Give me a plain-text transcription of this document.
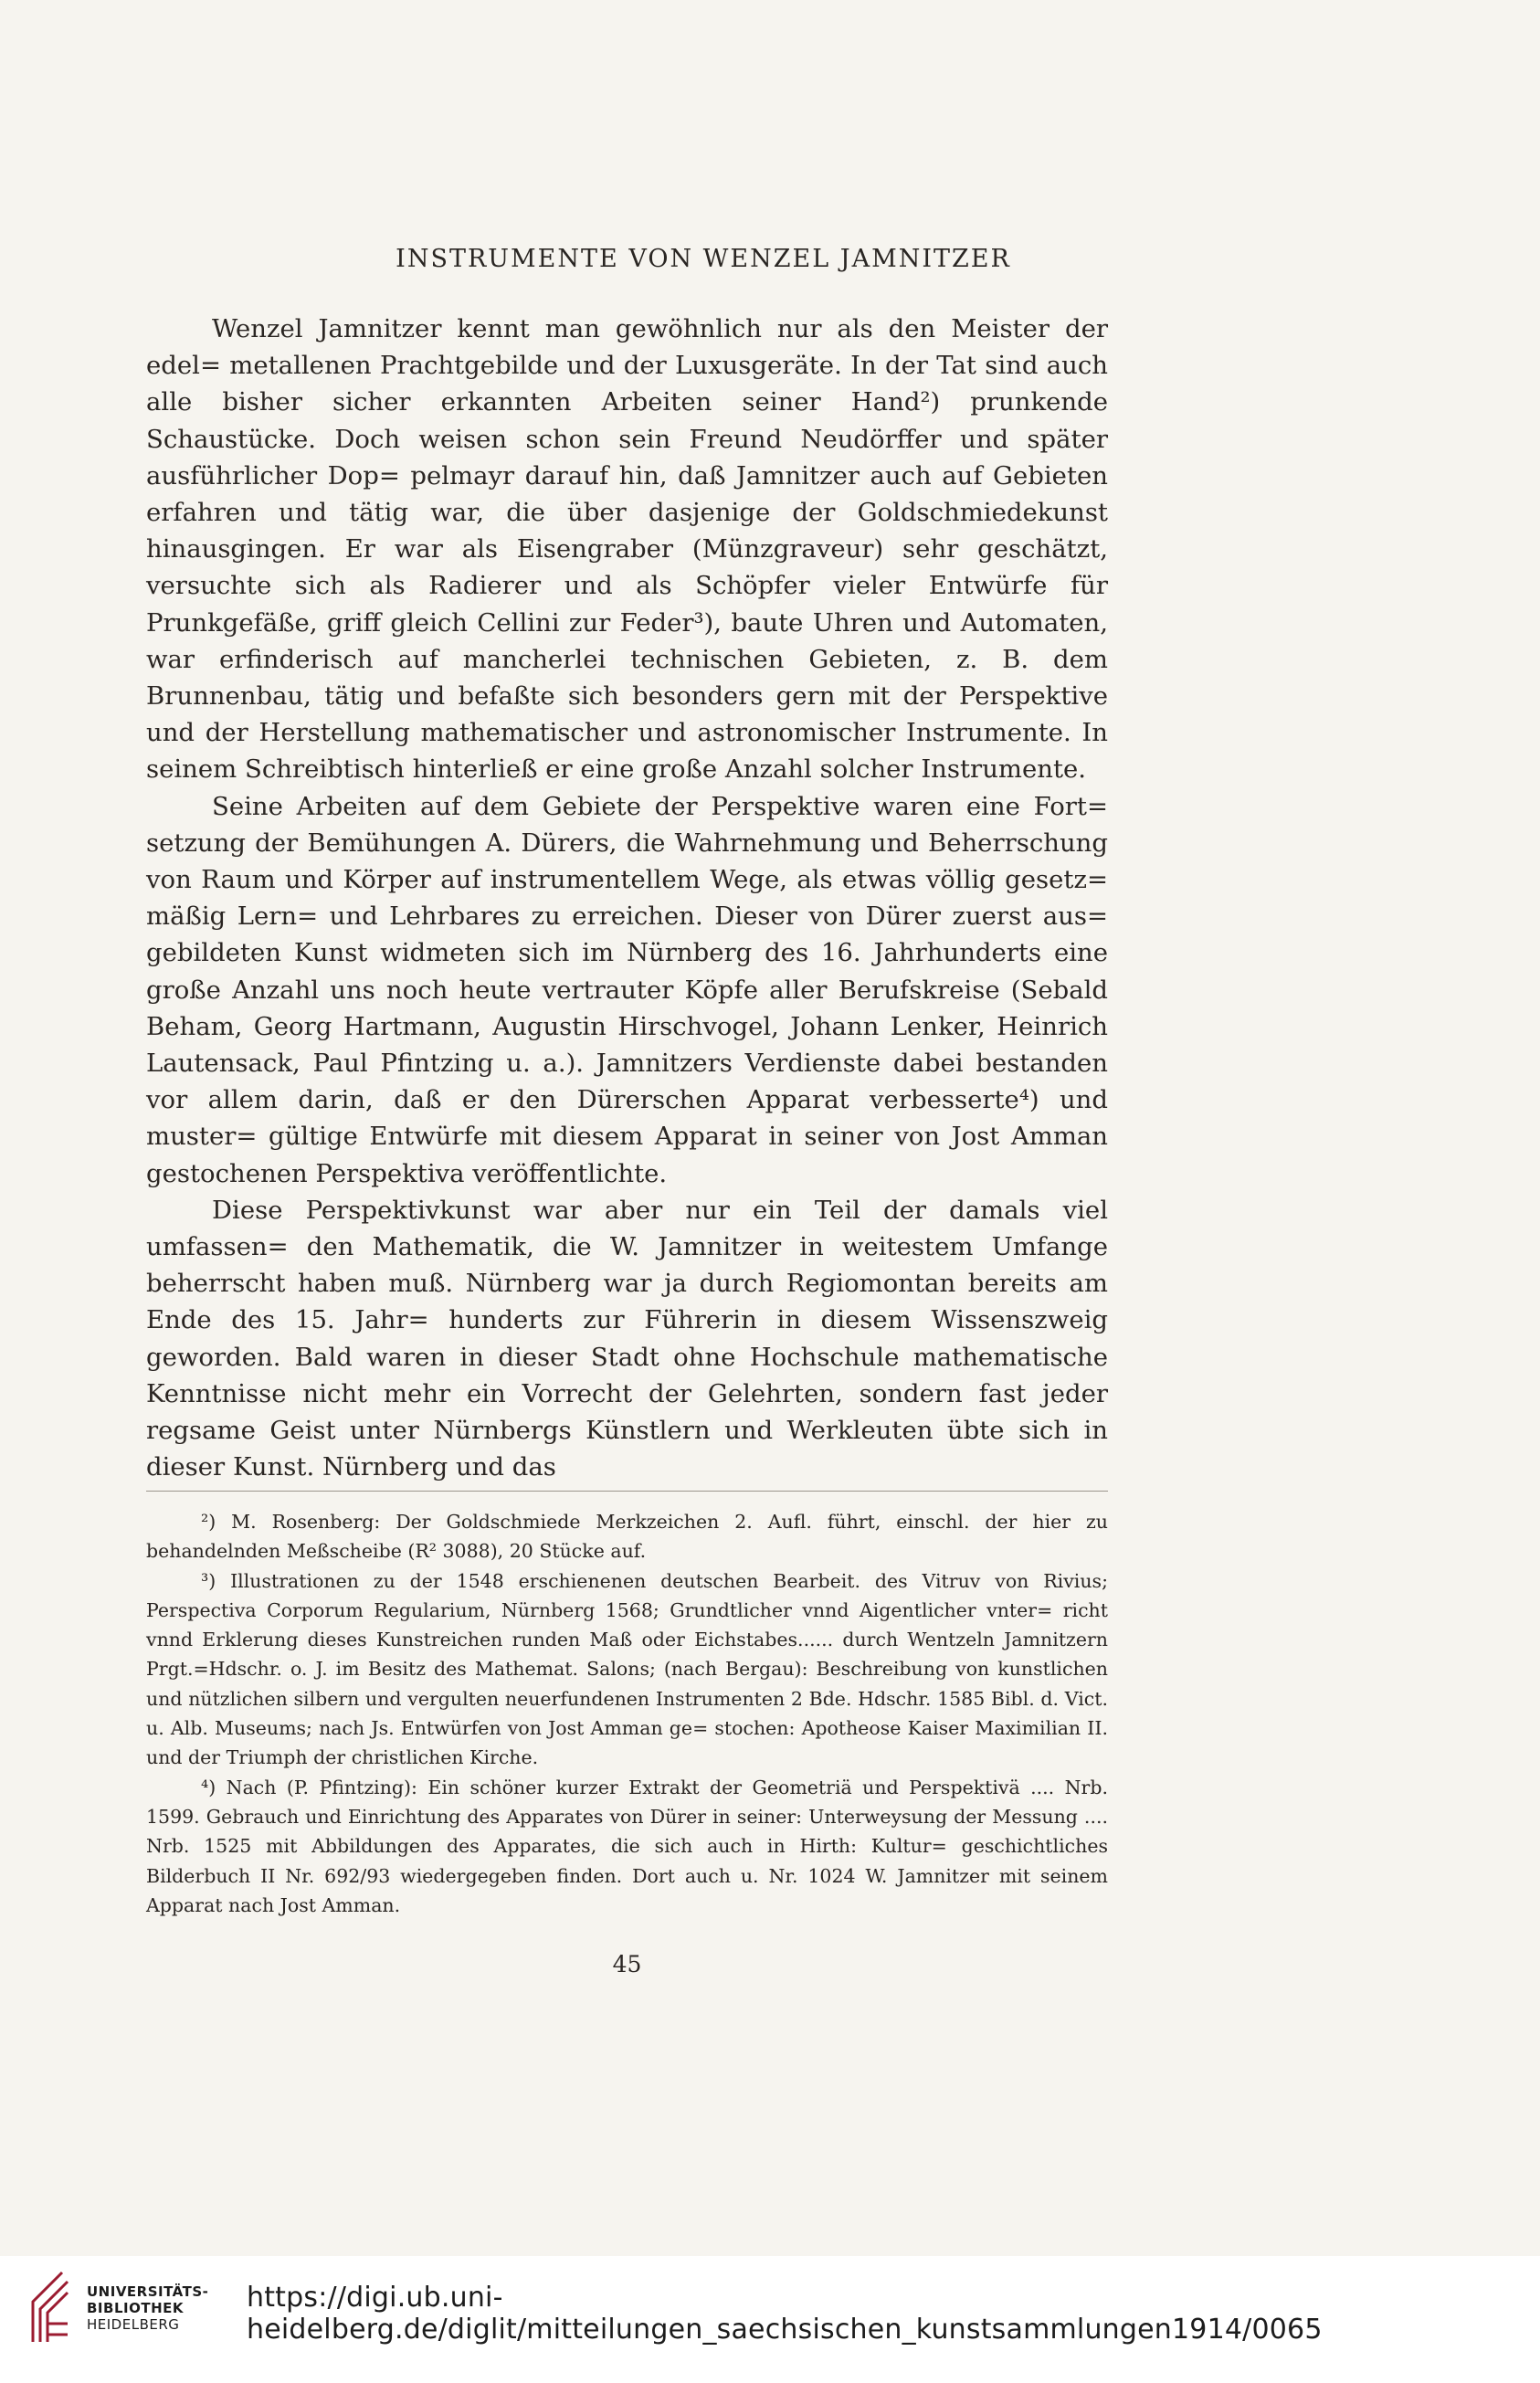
INSTRUMENTE VON WENZEL JAMNITZER

Wenzel Jamnitzer kennt man gewöhnlich nur als den Meister der edel= metallenen Prachtgebilde und der Luxusgeräte. In der Tat sind auch alle bisher sicher erkannten Arbeiten seiner Hand²) prunkende Schaustücke. Doch weisen schon sein Freund Neudörffer und später ausführlicher Dop= pelmayr darauf hin, daß Jamnitzer auch auf Gebieten erfahren und tätig war, die über dasjenige der Goldschmiedekunst hinausgingen. Er war als Eisengraber (Münzgraveur) sehr geschätzt, versuchte sich als Radierer und als Schöpfer vieler Entwürfe für Prunkgefäße, griff gleich Cellini zur Feder³), baute Uhren und Automaten, war erfinderisch auf mancherlei technischen Gebieten, z. B. dem Brunnenbau, tätig und befaßte sich besonders gern mit der Perspektive und der Herstellung mathematischer und astronomischer Instrumente. In seinem Schreibtisch hinterließ er eine große Anzahl solcher Instrumente.

Seine Arbeiten auf dem Gebiete der Perspektive waren eine Fort= setzung der Bemühungen A. Dürers, die Wahrnehmung und Beherrschung von Raum und Körper auf instrumentellem Wege, als etwas völlig gesetz= mäßig Lern= und Lehrbares zu erreichen. Dieser von Dürer zuerst aus= gebildeten Kunst widmeten sich im Nürnberg des 16. Jahrhunderts eine große Anzahl uns noch heute vertrauter Köpfe aller Berufskreise (Sebald Beham, Georg Hartmann, Augustin Hirschvogel, Johann Lenker, Heinrich Lautensack, Paul Pfintzing u. a.). Jamnitzers Verdienste dabei bestanden vor allem darin, daß er den Dürerschen Apparat verbesserte⁴) und muster= gültige Entwürfe mit diesem Apparat in seiner von Jost Amman gestochenen Perspektiva veröffentlichte.

Diese Perspektivkunst war aber nur ein Teil der damals viel umfassen= den Mathematik, die W. Jamnitzer in weitestem Umfange beherrscht haben muß. Nürnberg war ja durch Regiomontan bereits am Ende des 15. Jahr= hunderts zur Führerin in diesem Wissenszweig geworden. Bald waren in dieser Stadt ohne Hochschule mathematische Kenntnisse nicht mehr ein Vorrecht der Gelehrten, sondern fast jeder regsame Geist unter Nürnbergs Künstlern und Werkleuten übte sich in dieser Kunst. Nürnberg und das

²) M. Rosenberg: Der Goldschmiede Merkzeichen 2. Aufl. führt, einschl. der hier zu behandelnden Meßscheibe (R² 3088), 20 Stücke auf.

³) Illustrationen zu der 1548 erschienenen deutschen Bearbeit. des Vitruv von Rivius; Perspectiva Corporum Regularium, Nürnberg 1568; Grundtlicher vnnd Aigentlicher vnter= richt vnnd Erklerung dieses Kunstreichen runden Maß oder Eichstabes...... durch Wentzeln Jamnitzern Prgt.=Hdschr. o. J. im Besitz des Mathemat. Salons; (nach Bergau): Beschreibung von kunstlichen und nützlichen silbern und vergulten neuerfundenen Instrumenten 2 Bde. Hdschr. 1585 Bibl. d. Vict. u. Alb. Museums; nach Js. Entwürfen von Jost Amman ge= stochen: Apotheose Kaiser Maximilian II. und der Triumph der christlichen Kirche.

⁴) Nach (P. Pfintzing): Ein schöner kurzer Extrakt der Geometriä und Perspektivä .... Nrb. 1599. Gebrauch und Einrichtung des Apparates von Dürer in seiner: Unterweysung der Messung .... Nrb. 1525 mit Abbildungen des Apparates, die sich auch in Hirth: Kultur= geschichtliches Bilderbuch II Nr. 692/93 wiedergegeben finden. Dort auch u. Nr. 1024 W. Jamnitzer mit seinem Apparat nach Jost Amman.

45
UNIVERSITÄTS-
BIBLIOTHEK
HEIDELBERG
https://digi.ub.uni-heidelberg.de/diglit/mitteilungen_saechsischen_kunstsammlungen1914/0065
